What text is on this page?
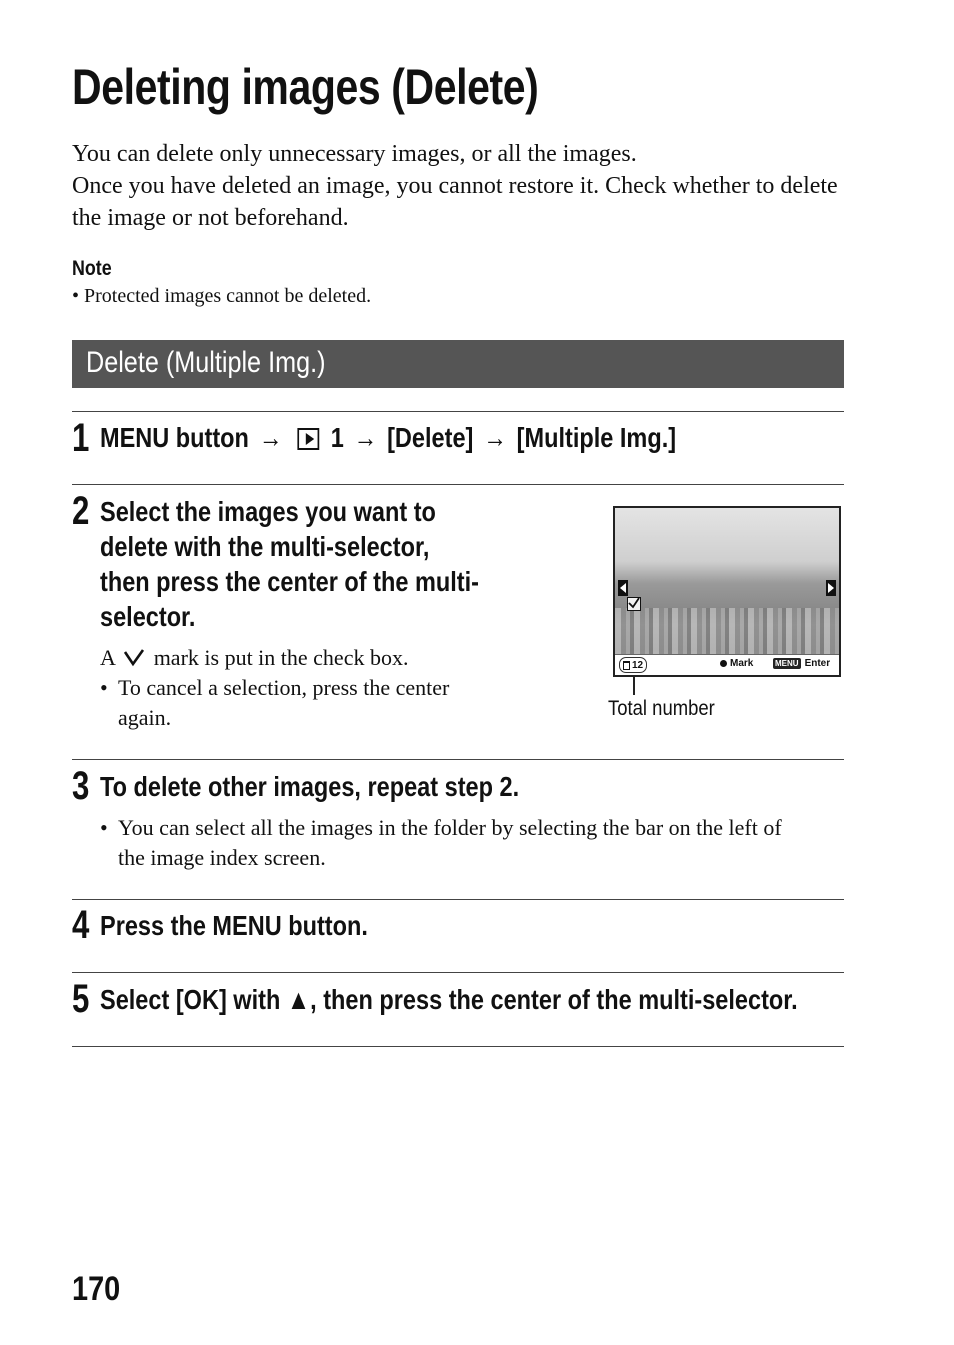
Deleting images (Delete)

You can delete only unnecessary images, or all the images.

Once you have deleted an image, you cannot restore it. Check whether to delete the image or not beforehand.

Note
• Protected images cannot be deleted.
Delete (Multiple Img.)
1 MENU button → 1 → [Delete] → [Multiple Img.]
2 Select the images you want to
delete with the multi-selector,
then press the center of the multi-
selector.
A mark is put in the check box.
• To cancel a selection, press the center
again.
12	Mark	MENU Enter
Total number
3 To delete other images, repeat step 2.
• You can select all the images in the folder by selecting the bar on the left of
the image index screen.
4 Press the MENU button.
5 Select [OK] with ▲, then press the center of the multi-selector.
170
